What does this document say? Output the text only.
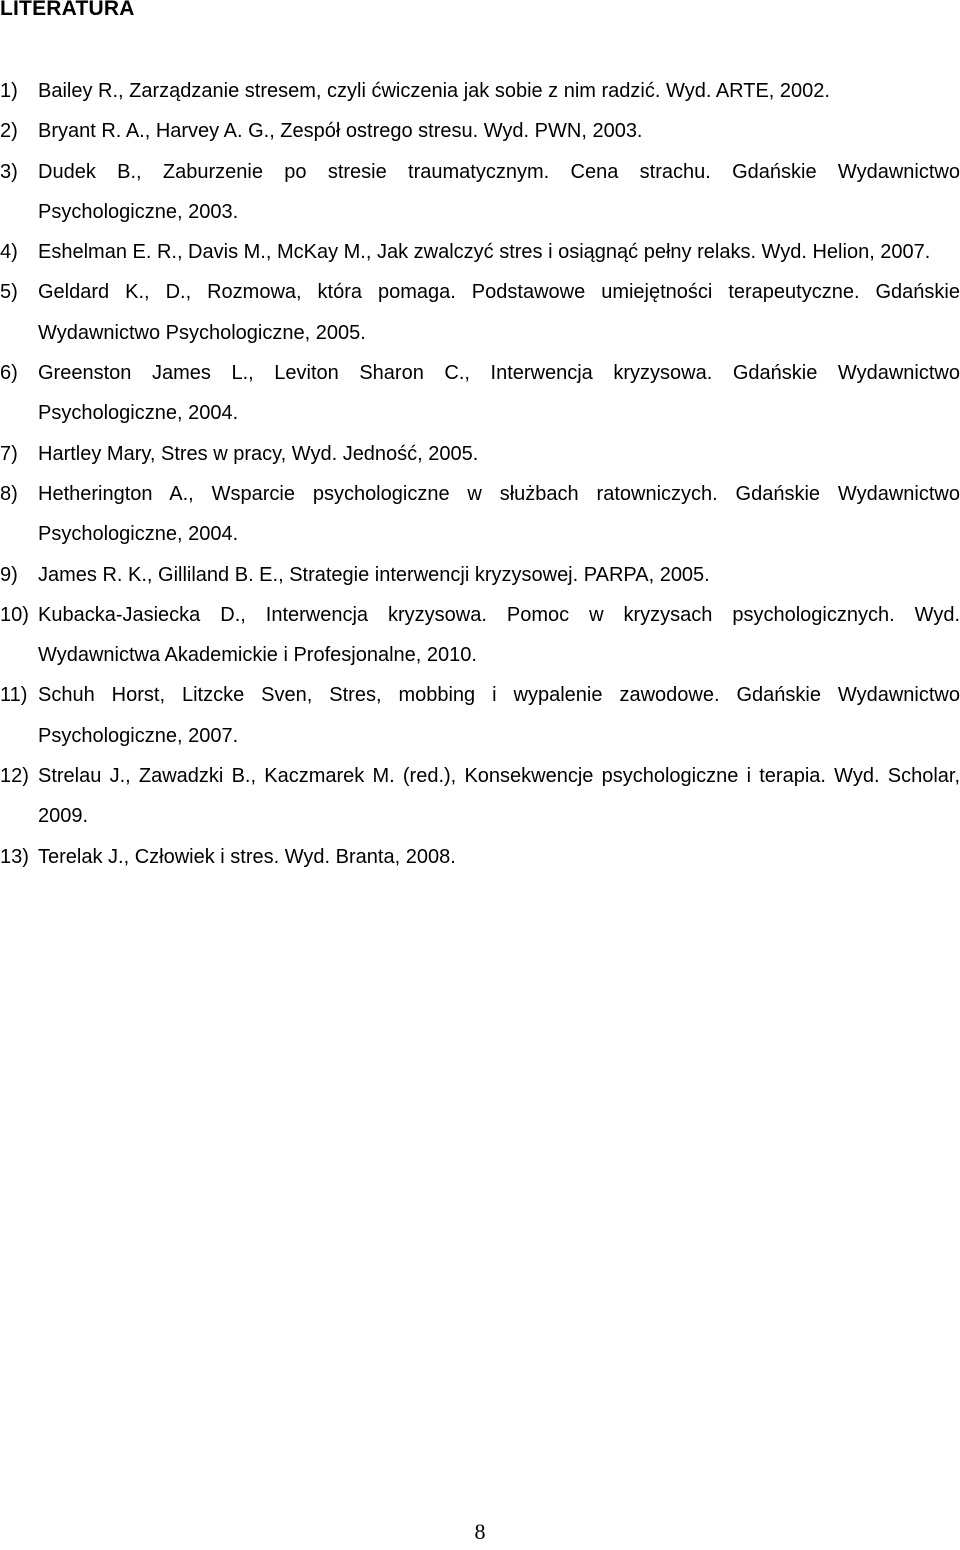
LITERATURA
1) Bailey R., Zarządzanie stresem, czyli ćwiczenia jak sobie z nim radzić. Wyd. ARTE, 2002.
2) Bryant R. A., Harvey A. G., Zespół ostrego stresu. Wyd. PWN, 2003.
3) Dudek B., Zaburzenie po stresie traumatycznym. Cena strachu. Gdańskie Wydawnictwo Psychologiczne, 2003.
4) Eshelman E. R., Davis M., McKay M., Jak zwalczyć stres i osiągnąć pełny relaks. Wyd. Helion, 2007.
5) Geldard K., D., Rozmowa, która pomaga. Podstawowe umiejętności terapeutyczne. Gdańskie Wydawnictwo Psychologiczne, 2005.
6) Greenston James L., Leviton Sharon C., Interwencja kryzysowa. Gdańskie Wydawnictwo Psychologiczne, 2004.
7) Hartley Mary, Stres w pracy, Wyd. Jedność, 2005.
8) Hetherington A., Wsparcie psychologiczne w służbach ratowniczych. Gdańskie Wydawnictwo Psychologiczne, 2004.
9) James R. K., Gilliland B. E., Strategie interwencji kryzysowej. PARPA, 2005.
10) Kubacka-Jasiecka D., Interwencja kryzysowa. Pomoc w kryzysach psychologicznych. Wyd. Wydawnictwa Akademickie i Profesjonalne, 2010.
11) Schuh Horst, Litzcke Sven, Stres, mobbing i wypalenie zawodowe. Gdańskie Wydawnictwo Psychologiczne, 2007.
12) Strelau J., Zawadzki B., Kaczmarek M. (red.), Konsekwencje psychologiczne i terapia. Wyd. Scholar, 2009.
13) Terelak J., Człowiek i stres. Wyd. Branta, 2008.
8
